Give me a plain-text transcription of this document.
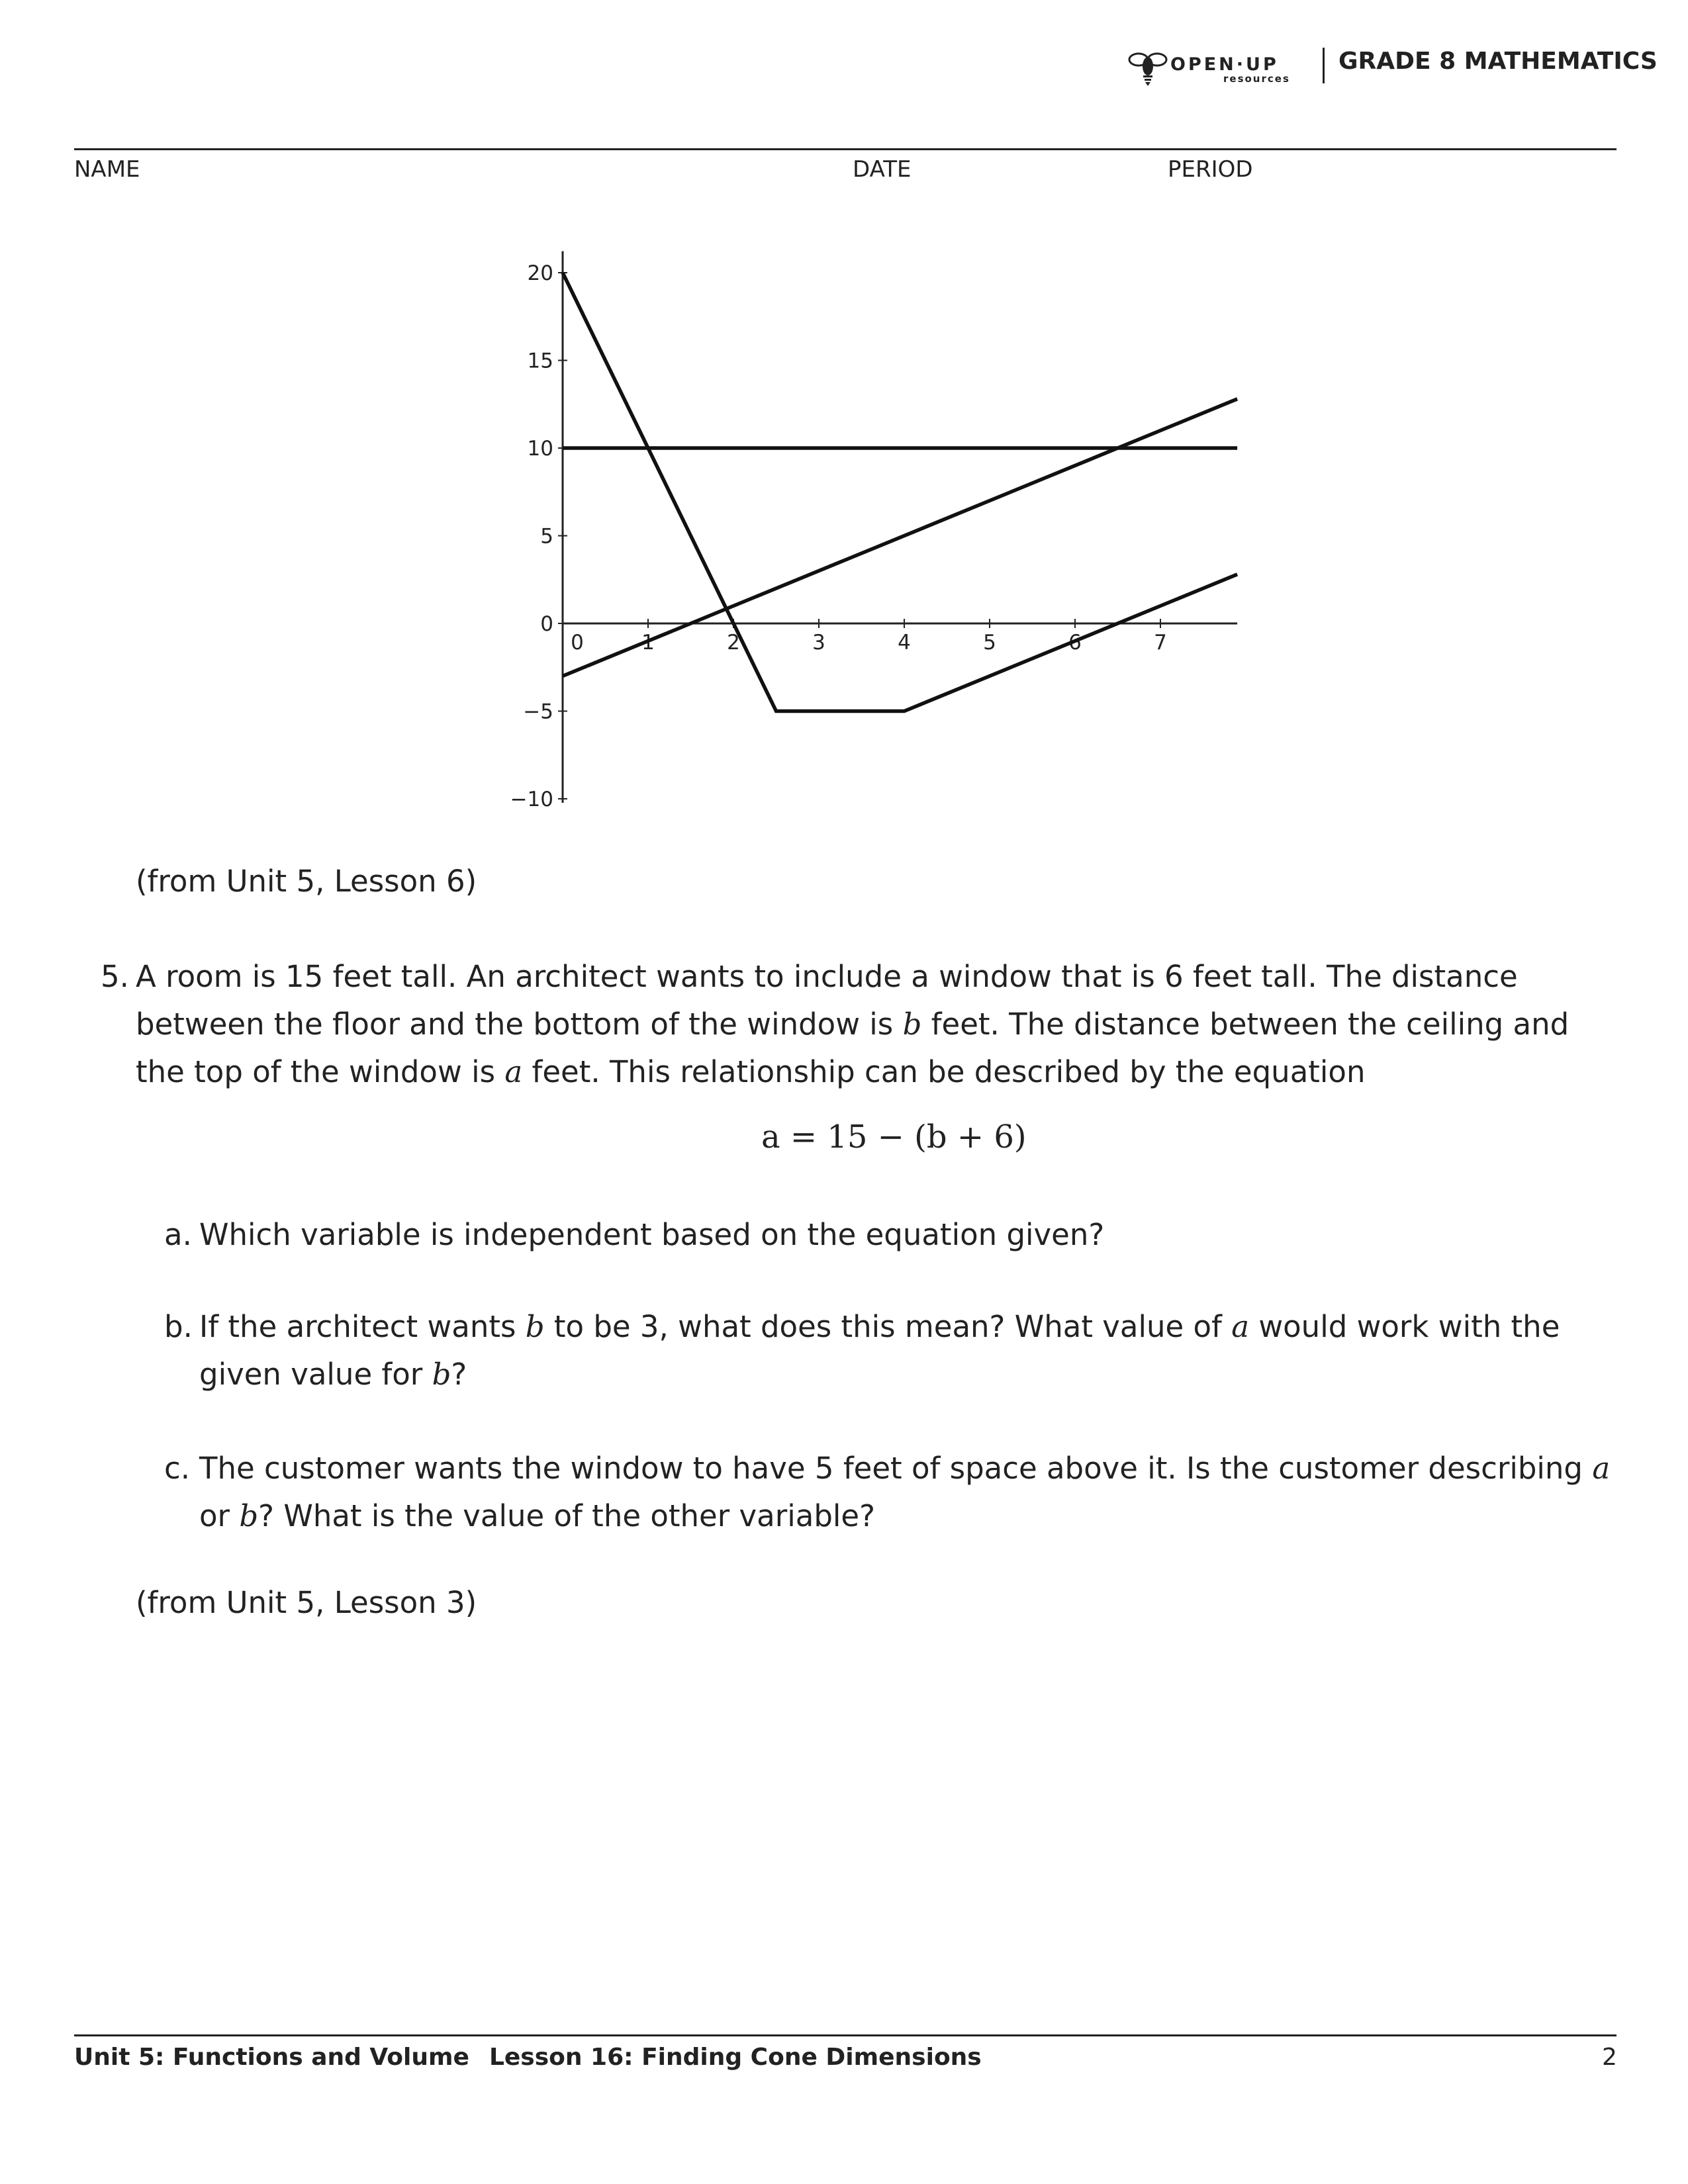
OPEN·UP
resources
GRADE 8 MATHEMATICS
NAME	DATE	PERIOD
20
15
10
5
0
−5
−10
0	1	2	3	4	5	6	7
(from Unit 5, Lesson 6)
5. A room is 15 feet tall. An architect wants to include a window that is 6 feet tall. The distance between the floor and the bottom of the window is b feet. The distance between the ceiling and the top of the window is a feet. This relationship can be described by the equation
a = 15 − (b + 6)
a. Which variable is independent based on the equation given?
b. If the architect wants b to be 3, what does this mean? What value of a would work with the given value for b?
c. The customer wants the window to have 5 feet of space above it. Is the customer describing a or b? What is the value of the other variable?
(from Unit 5, Lesson 3)
Unit 5: Functions and Volume Lesson 16: Finding Cone Dimensions	2
